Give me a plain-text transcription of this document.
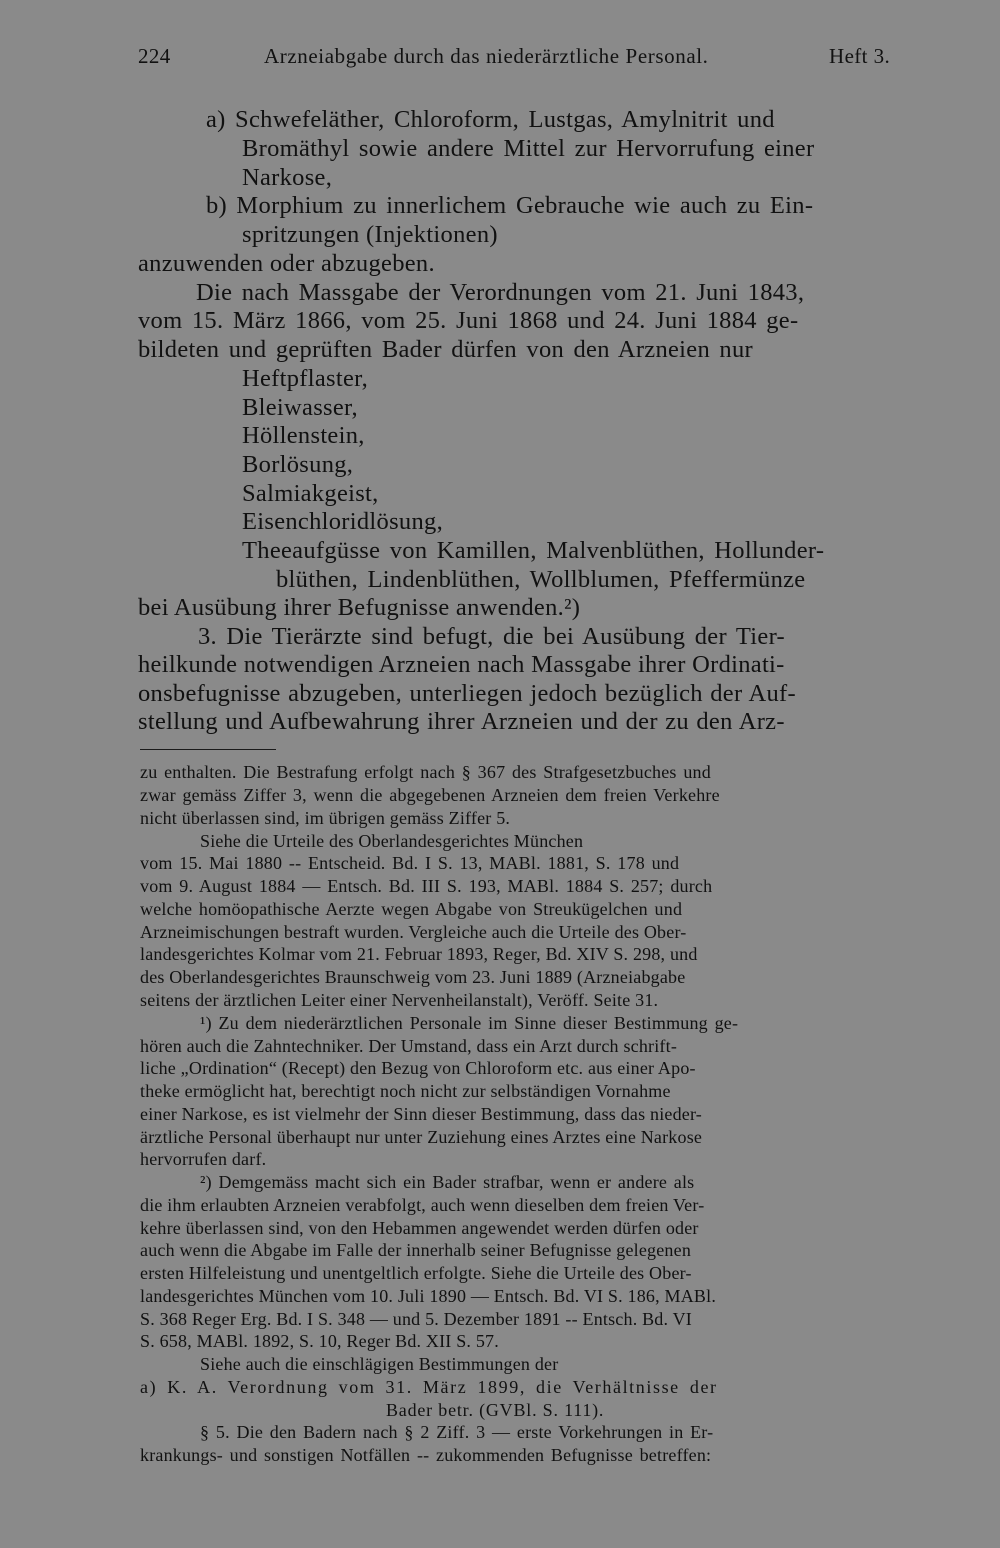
224	Arzneiabgabe durch das niederärztliche Personal.	Heft 3.
a) Schwefeläther, Chloroform, Lustgas, Amylnitrit und
Bromäthyl sowie andere Mittel zur Hervorrufung einer
Narkose,
b) Morphium zu innerlichem Gebrauche wie auch zu Ein-
spritzungen (Injektionen)
anzuwenden oder abzugeben.
Die nach Massgabe der Verordnungen vom 21. Juni 1843,
vom 15. März 1866, vom 25. Juni 1868 und 24. Juni 1884 ge-
bildeten und geprüften Bader dürfen von den Arzneien nur
Heftpflaster,
Bleiwasser,
Höllenstein,
Borlösung,
Salmiakgeist,
Eisenchloridlösung,
Theeaufgüsse von Kamillen, Malvenblüthen, Hollunder-
blüthen, Lindenblüthen, Wollblumen, Pfeffermünze
bei Ausübung ihrer Befugnisse anwenden.²)
3. Die Tierärzte sind befugt, die bei Ausübung der Tier-
heilkunde notwendigen Arzneien nach Massgabe ihrer Ordinati-
onsbefugnisse abzugeben, unterliegen jedoch bezüglich der Auf-
stellung und Aufbewahrung ihrer Arzneien und der zu den Arz-
zu enthalten. Die Bestrafung erfolgt nach § 367 des Strafgesetzbuches und
zwar gemäss Ziffer 3, wenn die abgegebenen Arzneien dem freien Verkehre
nicht überlassen sind, im übrigen gemäss Ziffer 5.
Siehe die Urteile des Oberlandesgerichtes München
vom 15. Mai 1880 -- Entscheid. Bd. I S. 13, MABl. 1881, S. 178 und
vom 9. August 1884 — Entsch. Bd. III S. 193, MABl. 1884 S. 257; durch
welche homöopathische Aerzte wegen Abgabe von Streukügelchen und
Arzneimischungen bestraft wurden. Vergleiche auch die Urteile des Ober-
landesgerichtes Kolmar vom 21. Februar 1893, Reger, Bd. XIV S. 298, und
des Oberlandesgerichtes Braunschweig vom 23. Juni 1889 (Arzneiabgabe
seitens der ärztlichen Leiter einer Nervenheilanstalt), Veröff. Seite 31.
¹) Zu dem niederärztlichen Personale im Sinne dieser Bestimmung ge-
hören auch die Zahntechniker. Der Umstand, dass ein Arzt durch schrift-
liche „Ordination“ (Recept) den Bezug von Chloroform etc. aus einer Apo-
theke ermöglicht hat, berechtigt noch nicht zur selbständigen Vornahme
einer Narkose, es ist vielmehr der Sinn dieser Bestimmung, dass das nieder-
ärztliche Personal überhaupt nur unter Zuziehung eines Arztes eine Narkose
hervorrufen darf.
²) Demgemäss macht sich ein Bader strafbar, wenn er andere als
die ihm erlaubten Arzneien verabfolgt, auch wenn dieselben dem freien Ver-
kehre überlassen sind, von den Hebammen angewendet werden dürfen oder
auch wenn die Abgabe im Falle der innerhalb seiner Befugnisse gelegenen
ersten Hilfeleistung und unentgeltlich erfolgte. Siehe die Urteile des Ober-
landesgerichtes München vom 10. Juli 1890 — Entsch. Bd. VI S. 186, MABl.
S. 368 Reger Erg. Bd. I S. 348 — und 5. Dezember 1891 -- Entsch. Bd. VI
S. 658, MABl. 1892, S. 10, Reger Bd. XII S. 57.
Siehe auch die einschlägigen Bestimmungen der
a) K. A. Verordnung vom 31. März 1899, die Verhältnisse der
Bader betr. (GVBl. S. 111).
§ 5. Die den Badern nach § 2 Ziff. 3 — erste Vorkehrungen in Er-
krankungs- und sonstigen Notfällen -- zukommenden Befugnisse betreffen:
